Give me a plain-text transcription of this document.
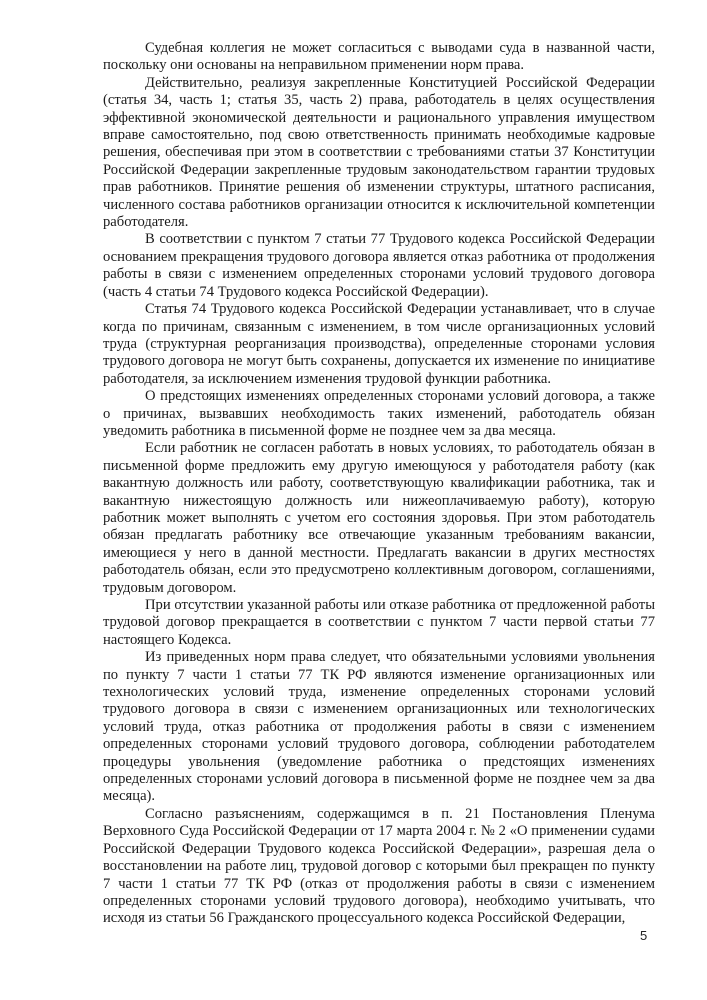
Судебная коллегия не может согласиться с выводами суда в названной части, поскольку они основаны на неправильном применении норм права.

Действительно, реализуя закрепленные Конституцией Российской Федерации (статья 34, часть 1; статья 35, часть 2) права, работодатель в целях осуществления эффективной экономической деятельности и рационального управления имуществом вправе самостоятельно, под свою ответственность принимать необходимые кадровые решения, обеспечивая при этом в соответствии с требованиями статьи 37 Конституции Российской Федерации закрепленные трудовым законодательством гарантии трудовых прав работников. Принятие решения об изменении структуры, штатного расписания, численного состава работников организации относится к исключительной компетенции работодателя.

В соответствии с пунктом 7 статьи 77 Трудового кодекса Российской Федерации основанием прекращения трудового договора является отказ работника от продолжения работы в связи с изменением определенных сторонами условий трудового договора (часть 4 статьи 74 Трудового кодекса Российской Федерации).

Статья 74 Трудового кодекса Российской Федерации устанавливает, что в случае когда по причинам, связанным с изменением, в том числе организационных условий труда (структурная реорганизация производства), определенные сторонами условия трудового договора не могут быть сохранены, допускается их изменение по инициативе работодателя, за исключением изменения трудовой функции работника.

О предстоящих изменениях определенных сторонами условий договора, а также о причинах, вызвавших необходимость таких изменений, работодатель обязан уведомить работника в письменной форме не позднее чем за два месяца.

Если работник не согласен работать в новых условиях, то работодатель обязан в письменной форме предложить ему другую имеющуюся у работодателя работу (как вакантную должность или работу, соответствующую квалификации работника, так и вакантную нижестоящую должность или нижеоплачиваемую работу), которую работник может выполнять с учетом его состояния здоровья. При этом работодатель обязан предлагать работнику все отвечающие указанным требованиям вакансии, имеющиеся у него в данной местности. Предлагать вакансии в других местностях работодатель обязан, если это предусмотрено коллективным договором, соглашениями, трудовым договором.

При отсутствии указанной работы или отказе работника от предложенной работы трудовой договор прекращается в соответствии с пунктом 7 части первой статьи 77 настоящего Кодекса.

Из приведенных норм права следует, что обязательными условиями увольнения по пункту 7 части 1 статьи 77 ТК РФ являются изменение организационных или технологических условий труда, изменение определенных сторонами условий трудового договора в связи с изменением организационных или технологических условий труда, отказ работника от продолжения работы в связи с изменением определенных сторонами условий трудового договора, соблюдении работодателем процедуры увольнения (уведомление работника о предстоящих изменениях определенных сторонами условий договора в письменной форме не позднее чем за два месяца).

Согласно разъяснениям, содержащимся в п. 21 Постановления Пленума Верховного Суда Российской Федерации от 17 марта 2004 г. № 2 «О применении судами Российской Федерации Трудового кодекса Российской Федерации», разрешая дела о восстановлении на работе лиц, трудовой договор с которыми был прекращен по пункту 7 части 1 статьи 77 ТК РФ (отказ от продолжения работы в связи с изменением определенных сторонами условий трудового договора), необходимо учитывать, что исходя из статьи 56 Гражданского процессуального кодекса Российской Федерации,

5
